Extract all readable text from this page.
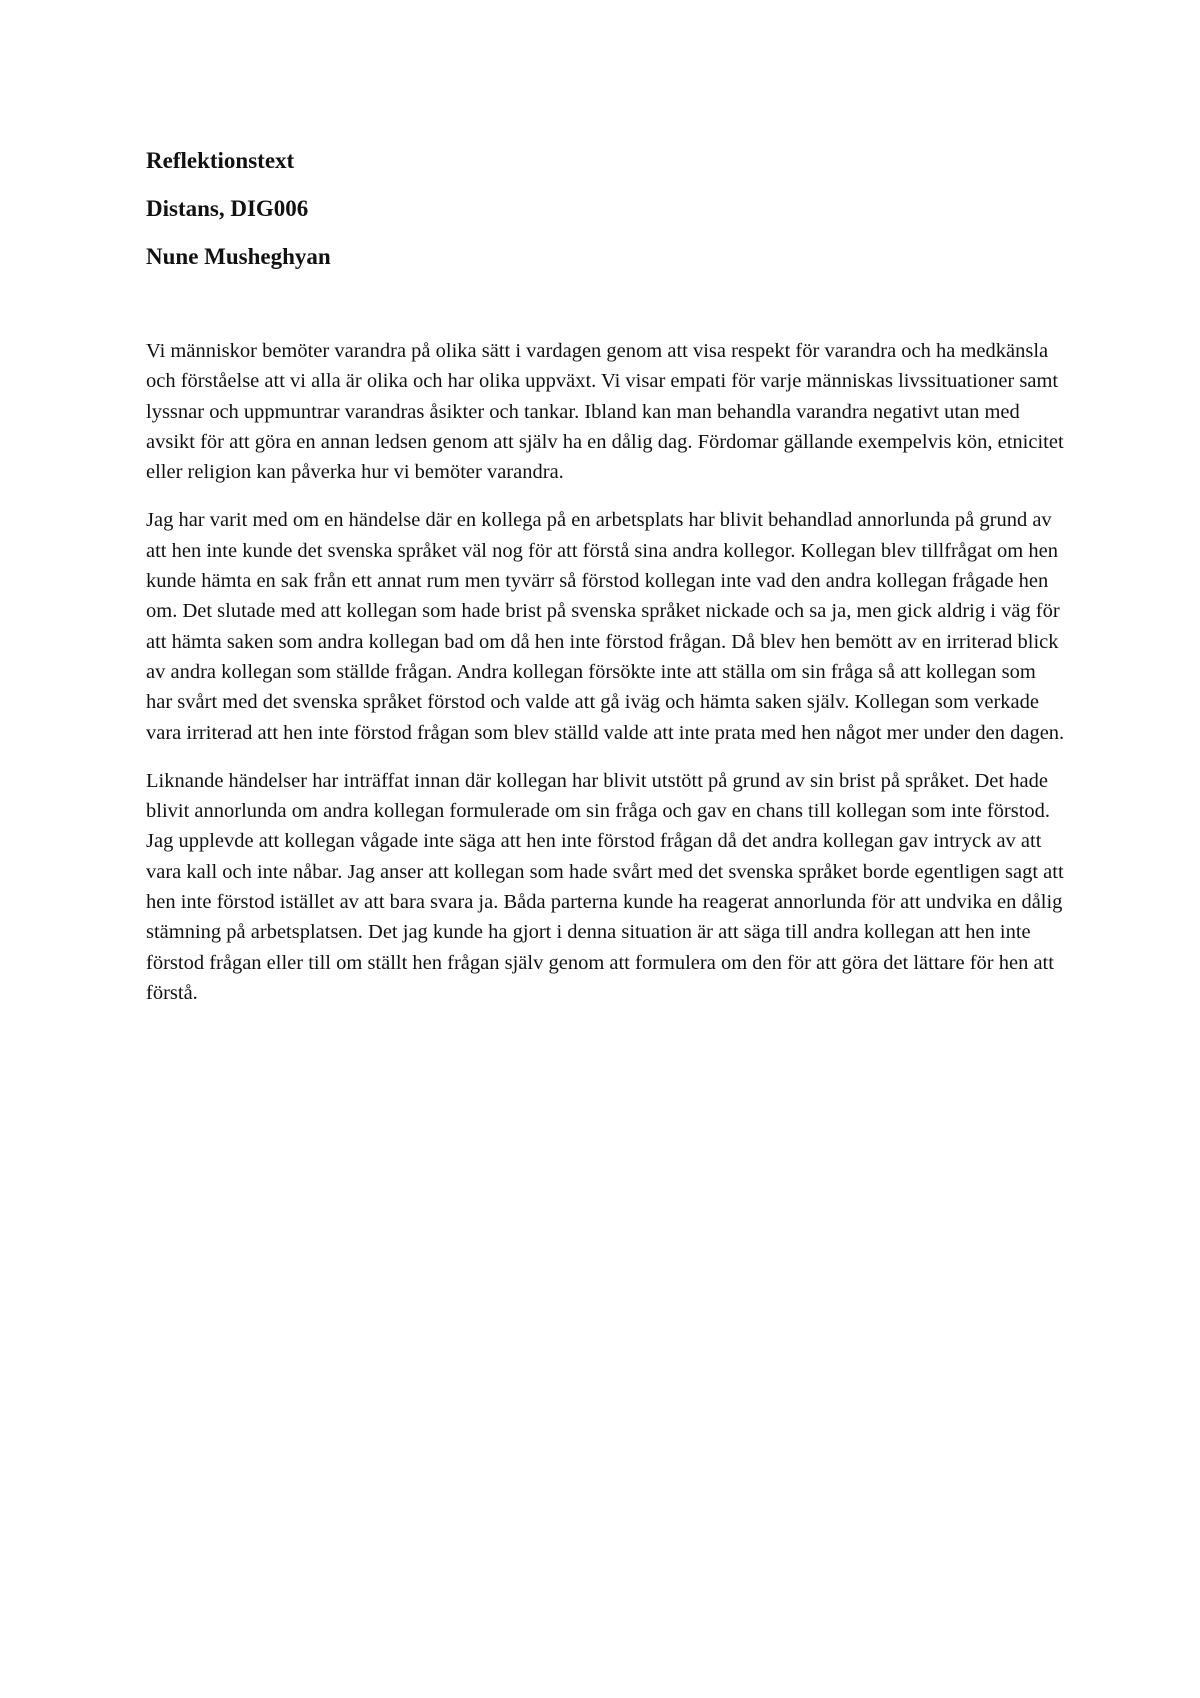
Reflektionstext
Distans, DIG006
Nune Musheghyan

Vi människor bemöter varandra på olika sätt i vardagen genom att visa respekt för varandra och ha medkänsla och förståelse att vi alla är olika och har olika uppväxt. Vi visar empati för varje människas livssituationer samt lyssnar och uppmuntrar varandras åsikter och tankar. Ibland kan man behandla varandra negativt utan med avsikt för att göra en annan ledsen genom att själv ha en dålig dag. Fördomar gällande exempelvis kön, etnicitet eller religion kan påverka hur vi bemöter varandra.

Jag har varit med om en händelse där en kollega på en arbetsplats har blivit behandlad annorlunda på grund av att hen inte kunde det svenska språket väl nog för att förstå sina andra kollegor. Kollegan blev tillfrågat om hen kunde hämta en sak från ett annat rum men tyvärr så förstod kollegan inte vad den andra kollegan frågade hen om. Det slutade med att kollegan som hade brist på svenska språket nickade och sa ja, men gick aldrig i väg för att hämta saken som andra kollegan bad om då hen inte förstod frågan. Då blev hen bemött av en irriterad blick av andra kollegan som ställde frågan. Andra kollegan försökte inte att ställa om sin fråga så att kollegan som har svårt med det svenska språket förstod och valde att gå iväg och hämta saken själv. Kollegan som verkade vara irriterad att hen inte förstod frågan som blev ställd valde att inte prata med hen något mer under den dagen.

Liknande händelser har inträffat innan där kollegan har blivit utstött på grund av sin brist på språket. Det hade blivit annorlunda om andra kollegan formulerade om sin fråga och gav en chans till kollegan som inte förstod. Jag upplevde att kollegan vågade inte säga att hen inte förstod frågan då det andra kollegan gav intryck av att vara kall och inte nåbar. Jag anser att kollegan som hade svårt med det svenska språket borde egentligen sagt att hen inte förstod istället av att bara svara ja. Båda parterna kunde ha reagerat annorlunda för att undvika en dålig stämning på arbetsplatsen. Det jag kunde ha gjort i denna situation är att säga till andra kollegan att hen inte förstod frågan eller till om ställt hen frågan själv genom att formulera om den för att göra det lättare för hen att förstå.
